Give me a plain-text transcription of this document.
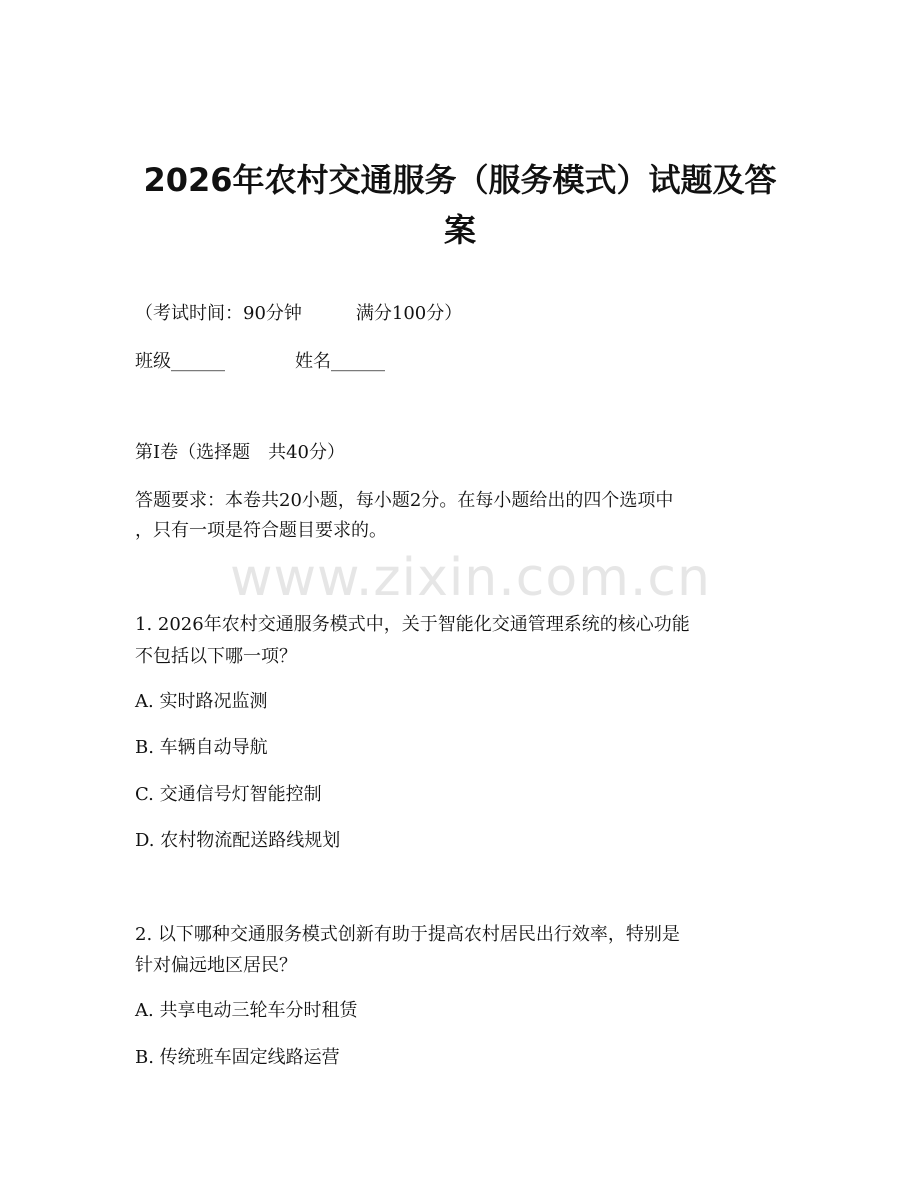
2026年农村交通服务（服务模式）试题及答
案
（考试时间：90分钟　　　满分100分）
班级______	姓名______
第I卷（选择题　共40分）
答题要求：本卷共20小题，每小题2分。在每小题给出的四个选项中
，只有一项是符合题目要求的。
www.zixin.com.cn
1. 2026年农村交通服务模式中，关于智能化交通管理系统的核心功能
不包括以下哪一项？
A. 实时路况监测
B. 车辆自动导航
C. 交通信号灯智能控制
D. 农村物流配送路线规划
2. 以下哪种交通服务模式创新有助于提高农村居民出行效率，特别是
针对偏远地区居民？
A. 共享电动三轮车分时租赁
B. 传统班车固定线路运营
